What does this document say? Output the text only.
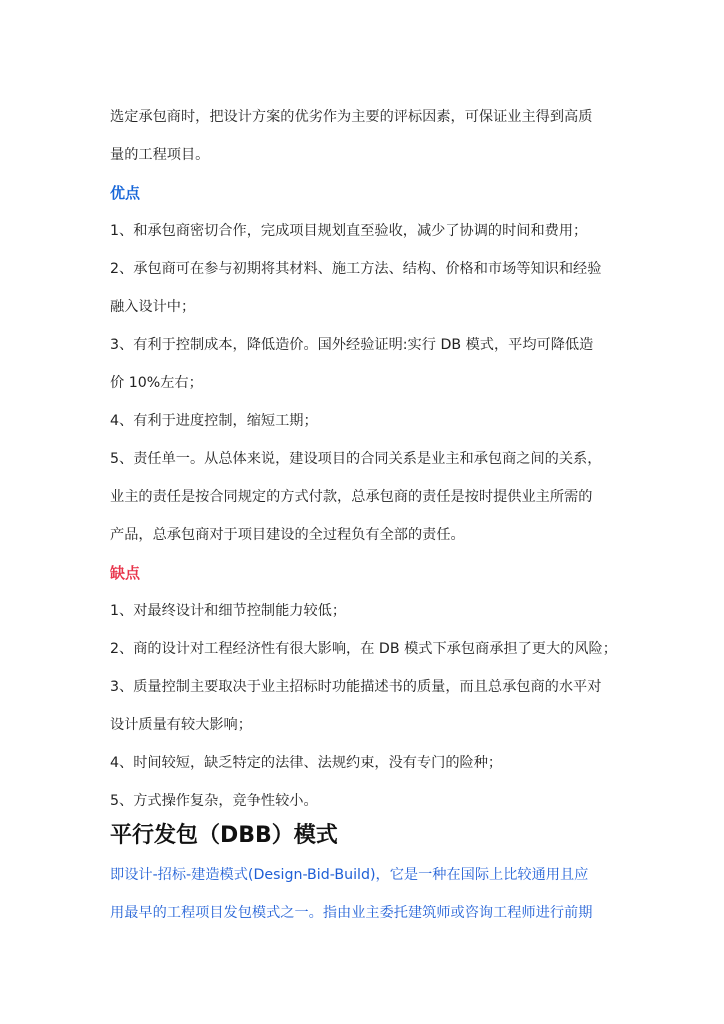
选定承包商时，把设计方案的优劣作为主要的评标因素，可保证业主得到高质
量的工程项目。
优点
1、和承包商密切合作，完成项目规划直至验收，减少了协调的时间和费用；
2、承包商可在参与初期将其材料、施工方法、结构、价格和市场等知识和经验
融入设计中；
3、有利于控制成本，降低造价。国外经验证明:实行 DB 模式，平均可降低造
价 10%左右；
4、有利于进度控制，缩短工期；
5、责任单一。从总体来说，建设项目的合同关系是业主和承包商之间的关系，
业主的责任是按合同规定的方式付款，总承包商的责任是按时提供业主所需的
产品，总承包商对于项目建设的全过程负有全部的责任。
缺点
1、对最终设计和细节控制能力较低；
2、商的设计对工程经济性有很大影响，在 DB 模式下承包商承担了更大的风险；
3、质量控制主要取决于业主招标时功能描述书的质量，而且总承包商的水平对
设计质量有较大影响；
4、时间较短，缺乏特定的法律、法规约束，没有专门的险种；
5、方式操作复杂，竞争性较小。
平行发包（DBB）模式
即设计-招标-建造模式(Design-Bid-Build)，它是一种在国际上比较通用且应
用最早的工程项目发包模式之一。指由业主委托建筑师或咨询工程师进行前期
